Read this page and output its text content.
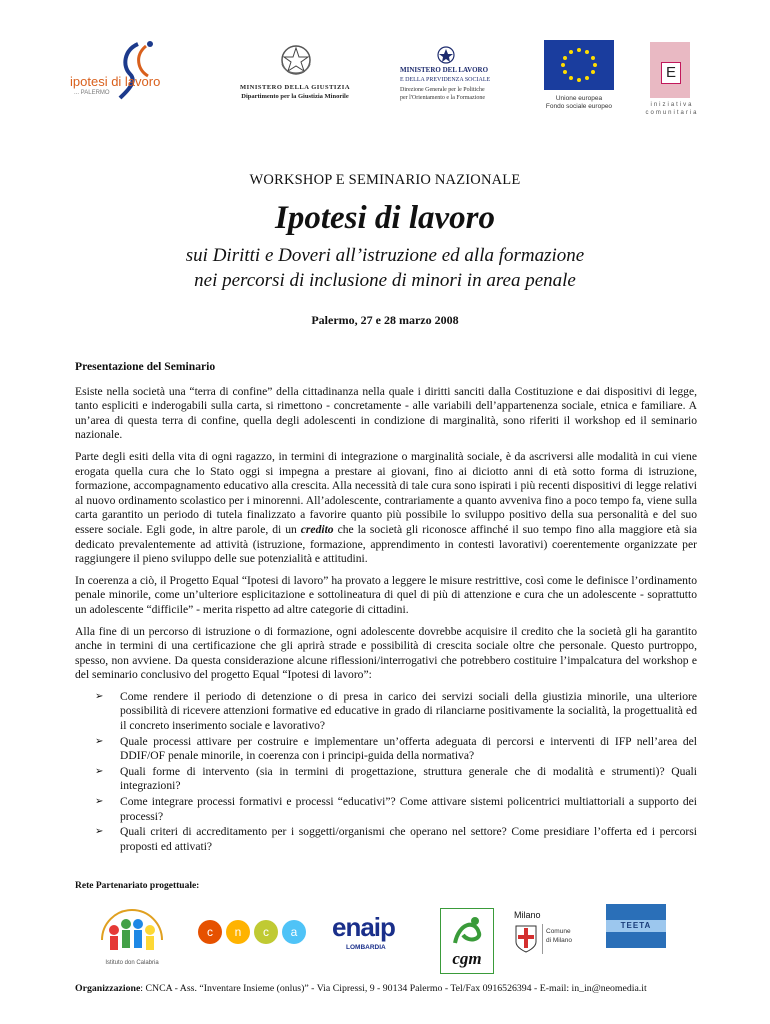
ipotesi di lavoro
... PALERMO
MINISTERO DELLA GIUSTIZIA
Dipartimento per la Giustizia Minorile
MINISTERO DEL LAVORO
E DELLA PREVIDENZA SOCIALE
Direzione Generale per le Politiche
per l'Orientamento e la Formazione	Unione europea
Fondo sociale europeo
E
iniziativa
comunitaria
WORKSHOP E SEMINARIO NAZIONALE
Ipotesi di lavoro
sui Diritti e Doveri all’istruzione ed alla formazione
nei percorsi di inclusione di minori in area penale
Palermo, 27 e 28 marzo 2008
Presentazione del Seminario

Esiste nella società una “terra di confine” della cittadinanza nella quale i diritti sanciti dalla Costituzione e dai dispositivi di legge, tanto espliciti e inderogabili sulla carta, si rimettono - concretamente - alle variabili dell’appartenenza sociale, etnica e familiare. A un’area di questa terra di confine, quella degli adolescenti in condizione di marginalità, sono riferiti il workshop ed il seminario nazionale.

Parte degli esiti della vita di ogni ragazzo, in termini di integrazione o marginalità sociale, è da ascriversi alle modalità in cui viene erogata quella cura che lo Stato oggi si impegna a prestare ai giovani, fino ai diciotto anni di età sotto forma di istruzione, formazione, accompagnamento educativo alla crescita. Alla necessità di tale cura sono ispirati i più recenti dispositivi di legge relativi al nuovo ordinamento scolastico per i minorenni. All’adolescente, contrariamente a quanto avveniva fino a poco tempo fa, viene sulla carta garantito un periodo di tutela finalizzato a favorire quanto più possibile lo sviluppo positivo della sua personalità e del suo essere sociale. Egli gode, in altre parole, di un credito che la società gli riconosce affinché il suo tempo fino alla maggiore età sia dedicato prevalentemente ad attività (istruzione, formazione, apprendimento in contesti lavorativi) coerentemente organizzate per raggiungere il pieno sviluppo delle sue potenzialità e attitudini.

In coerenza a ciò, il Progetto Equal “Ipotesi di lavoro” ha provato a leggere le misure restrittive, così come le definisce l’ordinamento penale minorile, come un’ulteriore esplicitazione e sottolineatura di quel di più di attenzione e cura che un adolescente - soprattutto un adolescente “difficile” - merita rispetto ad altre categorie di cittadini.

Alla fine di un percorso di istruzione o di formazione, ogni adolescente dovrebbe acquisire il credito che la società gli ha garantito anche in termini di una certificazione che gli aprirà strade e possibilità di crescita sociale oltre che personale. Questo purtroppo, spesso, non avviene. Da questa considerazione alcune riflessioni/interrogativi che potrebbero costituire l’impalcatura del workshop e del seminario conclusivo del progetto Equal “Ipotesi di lavoro”:

➢ Come rendere il periodo di detenzione o di presa in carico dei servizi sociali della giustizia minorile, una ulteriore possibilità di ricevere attenzioni formative ed educative in grado di rilanciarne positivamente la socialità, la progettualità ed il concreto inserimento sociale e lavorativo?
➢ Quale processi attivare per costruire e implementare un’offerta adeguata di percorsi e interventi di IFP nell’area del DDIF/OF penale minorile, in coerenza con i principi-guida della normativa?
➢ Quali forme di intervento (sia in termini di progettazione, struttura generale che di modalità e strumenti)? Quali integrazioni?
➢ Come integrare processi formativi e processi “educativi”? Come attivare sistemi policentrici multiattoriali a supporto dei processi?
➢ Quali criteri di accreditamento per i soggetti/organismi che operano nel settore? Come presidiare l’offerta ed i percorsi proposti ed attivati?
Rete Partenariato progettuale:
Istituto don Calabria
c	n	c	a	enaip
LOMBARDIA
cgm
Milano
Comune
di Milano
TEETA
Organizzazione: CNCA - Ass. “Inventare Insieme (onlus)” - Via Cipressi, 9 - 90134 Palermo - Tel/Fax 0916526394 - E-mail: in_in@neomedia.it
